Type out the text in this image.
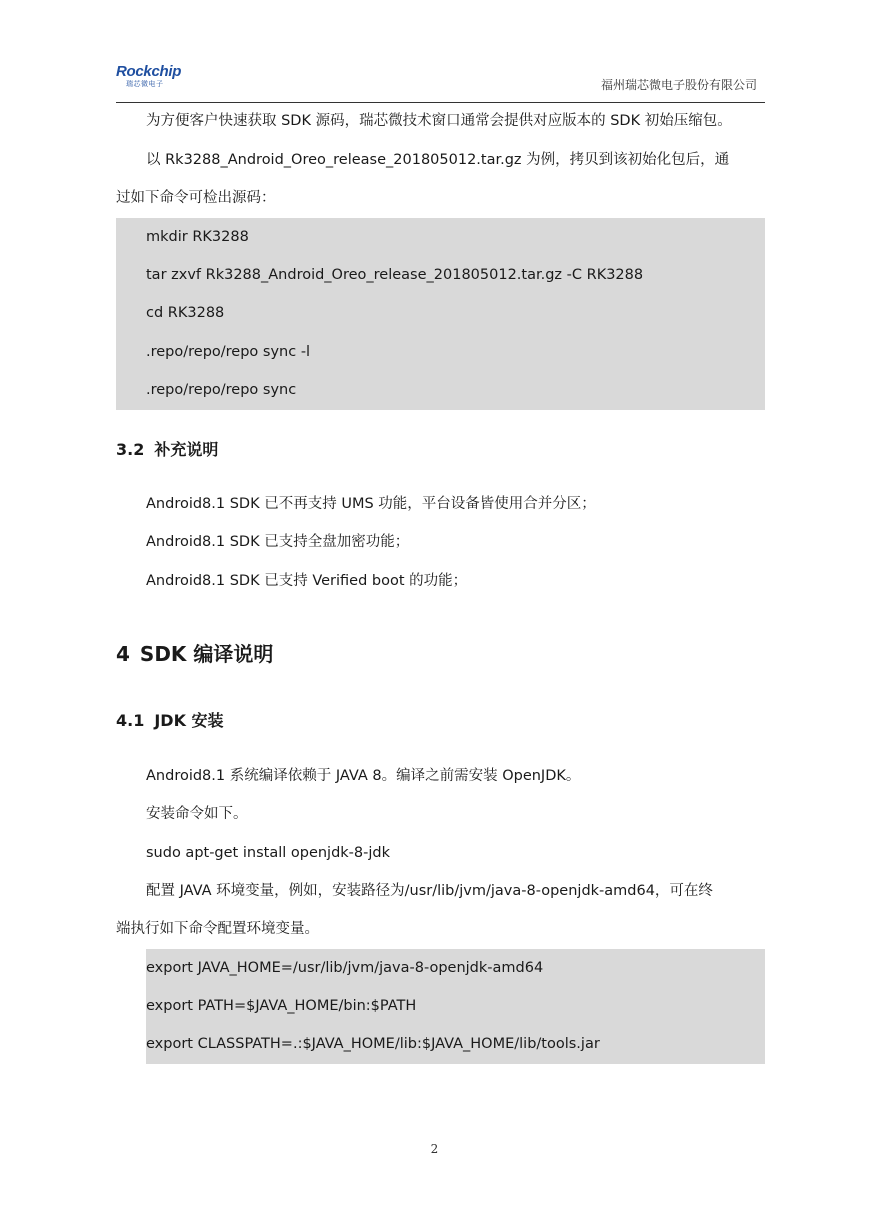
Rockchip
瑞芯微电子	福州瑞芯微电子股份有限公司
为方便客户快速获取 SDK 源码，瑞芯微技术窗口通常会提供对应版本的 SDK 初始压缩包。
以 Rk3288_Android_Oreo_release_201805012.tar.gz 为例，拷贝到该初始化包后，通
过如下命令可检出源码：
mkdir RK3288
tar zxvf Rk3288_Android_Oreo_release_201805012.tar.gz -C RK3288
cd RK3288
.repo/repo/repo sync -l
.repo/repo/repo sync
3.2 补充说明
Android8.1 SDK 已不再支持 UMS 功能，平台设备皆使用合并分区；
Android8.1 SDK 已支持全盘加密功能；
Android8.1 SDK 已支持 Verified boot 的功能；
4 SDK 编译说明
4.1 JDK 安装
Android8.1 系统编译依赖于 JAVA 8。编译之前需安装 OpenJDK。
安装命令如下。
sudo apt-get install openjdk-8-jdk
配置 JAVA 环境变量，例如，安装路径为/usr/lib/jvm/java-8-openjdk-amd64，可在终
端执行如下命令配置环境变量。
export JAVA_HOME=/usr/lib/jvm/java-8-openjdk-amd64
export PATH=$JAVA_HOME/bin:$PATH
export CLASSPATH=.:$JAVA_HOME/lib:$JAVA_HOME/lib/tools.jar
2
